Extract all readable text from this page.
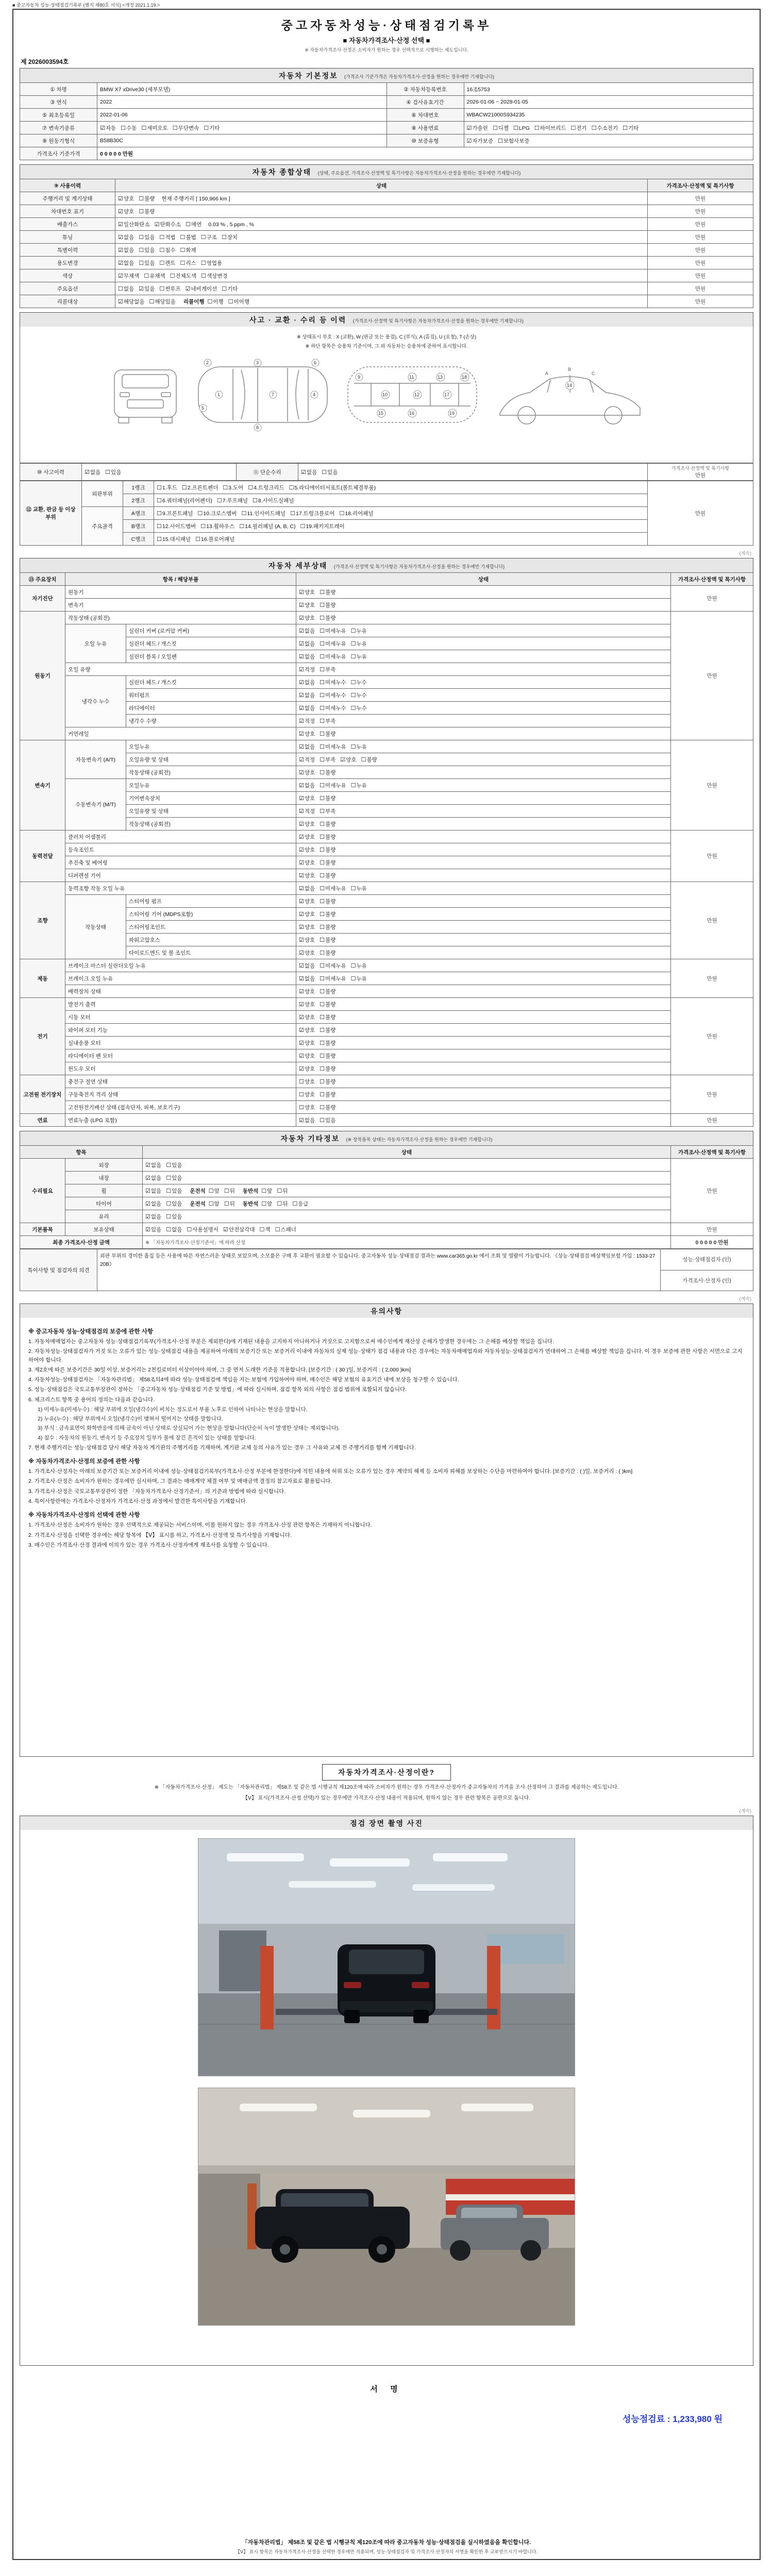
■ 중고자동차 성능·상태점검기록부 (별지 제80호 서식) <개정 2021.1.19.>
중고자동차성능·상태점검기록부
■ 자동차가격조사·산정 선택 ■
※ 자동차가격조사·산정은 소비자가 원하는 경우 선택적으로 시행하는 제도입니다.
제 2026003594호
자동차 기본정보 (가격조사 기준가격은 자동차가격조사·산정을 원하는 경우에만 기재합니다)
① 차명	BMW X7 xDrive30 (세부모델)	② 자동차등록번호	16조5753
③ 연식	2022	④ 검사유효기간	2026-01-06 ~ 2028-01-05
⑤ 최초등록일	2022-01-06	⑥ 차대번호	WBACW21000S934235
⑦ 변속기종류	☑자동 ☐수동 ☐세미오토 ☐무단변속 ☐기타	⑧ 사용연료	☑가솔린 ☐디젤 ☐LPG ☐하이브리드 ☐전기 ☐수소전기 ☐기타
⑨ 원동기형식	B58B30C	⑩ 보증유형	☑자가보증 ☐보험사보증
가격조사 기준가격	0 0 0 0 0 만원		
자동차 종합상태 (상태, 주요옵션, 가격조사·산정액 및 특기사항은 자동차가격조사·산정을 원하는 경우에만 기재합니다)
⑨ 사용이력	상태	가격조사·산정액 및 특기사항
주행거리 및 계기상태	☑양호 ☐불량 현재 주행거리 [ 150,966 km ]	만원
차대번호 표기	☑양호 ☐불량	만원
배출가스	☑일산화탄소 ☑탄화수소 ☐매연 0.03 % , 5 ppm , %	만원
튜닝	☑없음 ☐있음 ☐적법 ☐불법 ☐구조 ☐장치	만원
특별이력	☑없음 ☐있음 ☐침수 ☐화재	만원
용도변경	☑없음 ☐있음 ☐렌트 ☐리스 ☐영업용	만원
색상	☑무채색 ☐유채색 ☐전체도색 ☐색상변경	만원
주요옵션	☐없음 ☑있음 ☐썬루프 ☑네비게이션 ☐기타	만원
리콜대상	☑해당없음 ☐해당있음 리콜이행 ☐이행 ☐미이행	만원
사고 · 교환 · 수리 등 이력 (가격조사·산정액 및 특기사항은 자동차가격조사·산정을 원하는 경우에만 기재합니다)
※ 상태표시 부호 : X (교환), W (판금 또는 용접), C (부식), A (흠집), U (요철), T (손상)
※ 하단 항목은 승용차 기준이며, 그 외 자동차는 승용차에 준하여 표시합니다.
1
2	3
4
5
6
7
8
9
10
11
12
13
15	16
17
18
19
14
A
B
C
⑩ 사고이력	☑없음 ☐있음	⑪ 단순수리	☑없음 ☐있음	
가격조사·산정액 및 특기사항
만원
⑫ 교환, 판금 등 이상 부위	외판부위	1랭크	☐1.후드 ☐2.프론트펜더 ☐3.도어 ☐4.트렁크리드 ☐5.라디에이터서포트(볼트체결부품)	만원
		2랭크	☐6.쿼터패널(리어펜더) ☐7.루프패널 ☐8.사이드실패널	
	주요골격	A랭크	☐9.프론트패널 ☐10.크로스멤버 ☐11.인사이드패널 ☐17.트렁크플로어 ☐18.리어패널	
		B랭크	☐12.사이드멤버 ☐13.휠하우스 ☐14.필러패널 (A, B, C) ☐19.패키지트레이	
		C랭크	☐15.대시패널 ☐16.플로어패널	
(계속)
자동차 세부상태 (가격조사·산정액 및 특기사항은 자동차가격조사·산정을 원하는 경우에만 기재합니다)
⑬ 주요장치	항목 / 해당부품		상태	가격조사·산정액 및 특기사항
자기진단	원동기		☑양호 ☐불량	만원
	변속기		☑양호 ☐불량	
원동기	작동상태 (공회전)		☑양호 ☐불량	만원
	오일 누유	실린더 커버 (로커암 커버)	☑없음 ☐미세누유 ☐누유	
		실린더 헤드 / 개스킷	☑없음 ☐미세누유 ☐누유	
		실린더 블록 / 오일팬	☑없음 ☐미세누유 ☐누유	
	오일 유량		☑적정 ☐부족	
	냉각수 누수	실린더 헤드 / 개스킷	☑없음 ☐미세누수 ☐누수	
		워터펌프	☑없음 ☐미세누수 ☐누수	
		라디에이터	☑없음 ☐미세누수 ☐누수	
		냉각수 수량	☑적정 ☐부족	
	커먼레일		☑양호 ☐불량	
변속기	자동변속기 (A/T)	오일누유	☑없음 ☐미세누유 ☐누유	만원
		오일유량 및 상태	☑적정 ☐부족 ☑양호 ☐불량	
		작동상태 (공회전)	☑양호 ☐불량	
	수동변속기 (M/T)	오일누유	☑없음 ☐미세누유 ☐누유	
		기어변속장치	☑양호 ☐불량	
		오일유량 및 상태	☑적정 ☐부족	
		작동상태 (공회전)	☑양호 ☐불량	
동력전달	클러치 어셈블리		☑양호 ☐불량	만원
	등속조인트		☑양호 ☐불량	
	추진축 및 베어링		☑양호 ☐불량	
	디퍼렌셜 기어		☑양호 ☐불량	
조향	동력조향 작동 오일 누유		☑없음 ☐미세누유 ☐누유	만원
	작동상태	스티어링 펌프	☑양호 ☐불량	
		스티어링 기어 (MDPS포함)	☑양호 ☐불량	
		스티어링조인트	☑양호 ☐불량	
		파워고압호스	☑양호 ☐불량	
		타이로드엔드 및 볼 조인트	☑양호 ☐불량	
제동	브레이크 마스터 실린더오일 누유		☑없음 ☐미세누유 ☐누유	만원
	브레이크 오일 누유		☑없음 ☐미세누유 ☐누유	
	배력장치 상태		☑양호 ☐불량	
전기	발전기 출력		☑양호 ☐불량	만원
	시동 모터		☑양호 ☐불량	
	와이퍼 모터 기능		☑양호 ☐불량	
	실내송풍 모터		☑양호 ☐불량	
	라디에이터 팬 모터		☑양호 ☐불량	
	윈도우 모터		☑양호 ☐불량	
고전원 전기장치	충전구 절연 상태		☐양호 ☐불량	만원
	구동축전지 격리 상태		☐양호 ☐불량	
	고전원전기배선 상태 (접속단자, 피복, 보호기구)		☐양호 ☐불량	
연료	연료누출 (LPG 포함)		☑없음 ☐있음	만원
자동차 기타정보 (※ 장착품목 상태는 자동차가격조사·산정을 원하는 경우에만 기재합니다)
항목		상태	가격조사·산정액 및 특기사항
수리필요	외장	☑없음 ☐있음	만원
	내장	☑없음 ☐있음	
	휠	☑없음 ☐있음 운전석 ☐앞 ☐뒤 동반석 ☐앞 ☐뒤	
	타이어	☑없음 ☐있음 운전석 ☐앞 ☐뒤 동반석 ☐앞 ☐뒤 ☐응급	
	유리	☑없음 ☐있음	
기본품목	보유상태	☑있음 ☐없음 ☐사용설명서 ☑안전삼각대 ☐잭 ☐스패너	만원
최종 가격조사·산정 금액		※ 「자동차가격조사·산정기준서」에 따라 산정	0 0 0 0 0 만원
특이사항 및 점검자의 의견	외판 부위의 경미한 흠집 등은 사용에 따른 자연스러운 상태로 보았으며, 소모품은 구매 후 교환이 필요할 수 있습니다. 중고자동차 성능·상태점검 결과는 www.car365.go.kr 에서 조회 및 열람이 가능합니다. 《성능·상태점검 배상책임보험 가입 : 1533-2720B》	성능·상태점검자 (인)
가격조사·산정자 (인)
(계속)
유의사항
※ 중고자동차 성능·상태점검의 보증에 관한 사항
1. 자동차매매업자는 중고자동차 성능·상태점검기록부(가격조사·산정 부분은 제외한다)에 기재된 내용을 고지하지 아니하거나 거짓으로 고지함으로써 매수인에게 재산상 손해가 발생한 경우에는 그 손해를 배상할 책임을 집니다.
2. 자동차성능·상태점검자가 거짓 또는 오류가 있는 성능·상태점검 내용을 제공하여 아래의 보증기간 또는 보증거리 이내에 자동차의 실제 성능·상태가 점검 내용과 다른 경우에는 자동차매매업자와 자동차성능·상태점검자가 연대하여 그 손해를 배상할 책임을 집니다. 이 경우 보증에 관한 사항은 서면으로 고지하여야 합니다.
3. 제2호에 따른 보증기간은 30일 이상, 보증거리는 2천킬로미터 이상이어야 하며, 그 중 먼저 도래한 기준을 적용합니다. [보증기간 : ( 30 )일, 보증거리 : ( 2,000 )km]
4. 자동차성능·상태점검자는 「자동차관리법」 제58조의4에 따라 성능·상태점검에 책임을 지는 보험에 가입하여야 하며, 매수인은 해당 보험의 유효기간 내에 보상을 청구할 수 있습니다.
5. 성능·상태점검은 국토교통부장관이 정하는 「중고자동차 성능·상태점검 기준 및 방법」에 따라 실시하며, 점검 항목 외의 사항은 점검 범위에 포함되지 않습니다.
6. 체크리스트 항목 중 용어의 정의는 다음과 같습니다.
1) 미세누유(미세누수) : 해당 부위에 오일(냉각수)이 비치는 정도로서 부품 노후로 인하여 나타나는 현상을 말합니다.
2) 누유(누수) : 해당 부위에서 오일(냉각수)이 맺혀서 떨어지는 상태를 말합니다.
3) 부식 : 금속표면이 화학반응에 의해 금속이 아닌 상태로 상실되어 가는 현상을 말합니다(단순히 녹이 발생한 상태는 제외합니다).
4) 침수 : 자동차의 원동기, 변속기 등 주요장치 일부가 물에 잠긴 흔적이 있는 상태를 말합니다.
7. 현재 주행거리는 성능·상태점검 당시 해당 자동차 계기판의 주행거리를 기재하며, 계기판 교체 등의 사유가 있는 경우 그 사유와 교체 전 주행거리를 함께 기재합니다.
※ 자동차가격조사·산정의 보증에 관한 사항
1. 가격조사·산정자는 아래의 보증기간 또는 보증거리 이내에 성능·상태점검기록부(가격조사·산정 부분에 한정한다)에 적힌 내용에 허위 또는 오류가 있는 경우 계약의 해제 등 소비자 피해를 보상하는 수단을 마련하여야 합니다. [보증기간 : ( )일, 보증거리 : ( )km]
2. 가격조사·산정은 소비자가 원하는 경우에만 실시하며, 그 결과는 매매계약 체결 여부 및 매매금액 결정의 참고자료로 활용됩니다.
3. 가격조사·산정은 국토교통부장관이 정한 「자동차가격조사·산정기준서」의 기준과 방법에 따라 실시합니다.
4. 특이사항란에는 가격조사·산정자가 가격조사·산정 과정에서 발견한 특이사항을 기재합니다.
※ 자동차가격조사·산정의 선택에 관한 사항
1. 가격조사·산정은 소비자가 원하는 경우 선택적으로 제공되는 서비스이며, 이를 원하지 않는 경우 가격조사·산정 관련 항목은 기재하지 아니합니다.
2. 가격조사·산정을 선택한 경우에는 해당 항목에 【Ⅴ】 표시를 하고, 가격조사·산정액 및 특기사항을 기재합니다.
3. 매수인은 가격조사·산정 결과에 이의가 있는 경우 가격조사·산정자에게 재조사를 요청할 수 있습니다.
자동차가격조사·산정이란?
※ 「자동차가격조사·산정」 제도는 「자동차관리법」 제58조 및 같은 법 시행규칙 제120조에 따라 소비자가 원하는 경우 가격조사·산정자가 중고자동차의 가격을 조사·산정하여 그 결과를 제공하는 제도입니다.
【Ⅴ】 표시(가격조사·산정 선택)가 있는 경우에만 가격조사·산정 내용이 적용되며, 원하지 않는 경우 관련 항목은 공란으로 둡니다.
(계속)
점검 장면 촬영 사진
서 명
성능점검료 : 1,233,980 원
「자동차관리법」 제58조 및 같은 법 시행규칙 제120조에 따라 중고자동차 성능·상태점검을 실시하였음을 확인합니다.
【Ⅴ】 표시 항목은 자동차가격조사·산정을 선택한 경우에만 적용되며, 성능·상태점검자 및 가격조사·산정자의 서명을 확인한 후 교부받으시기 바랍니다.
